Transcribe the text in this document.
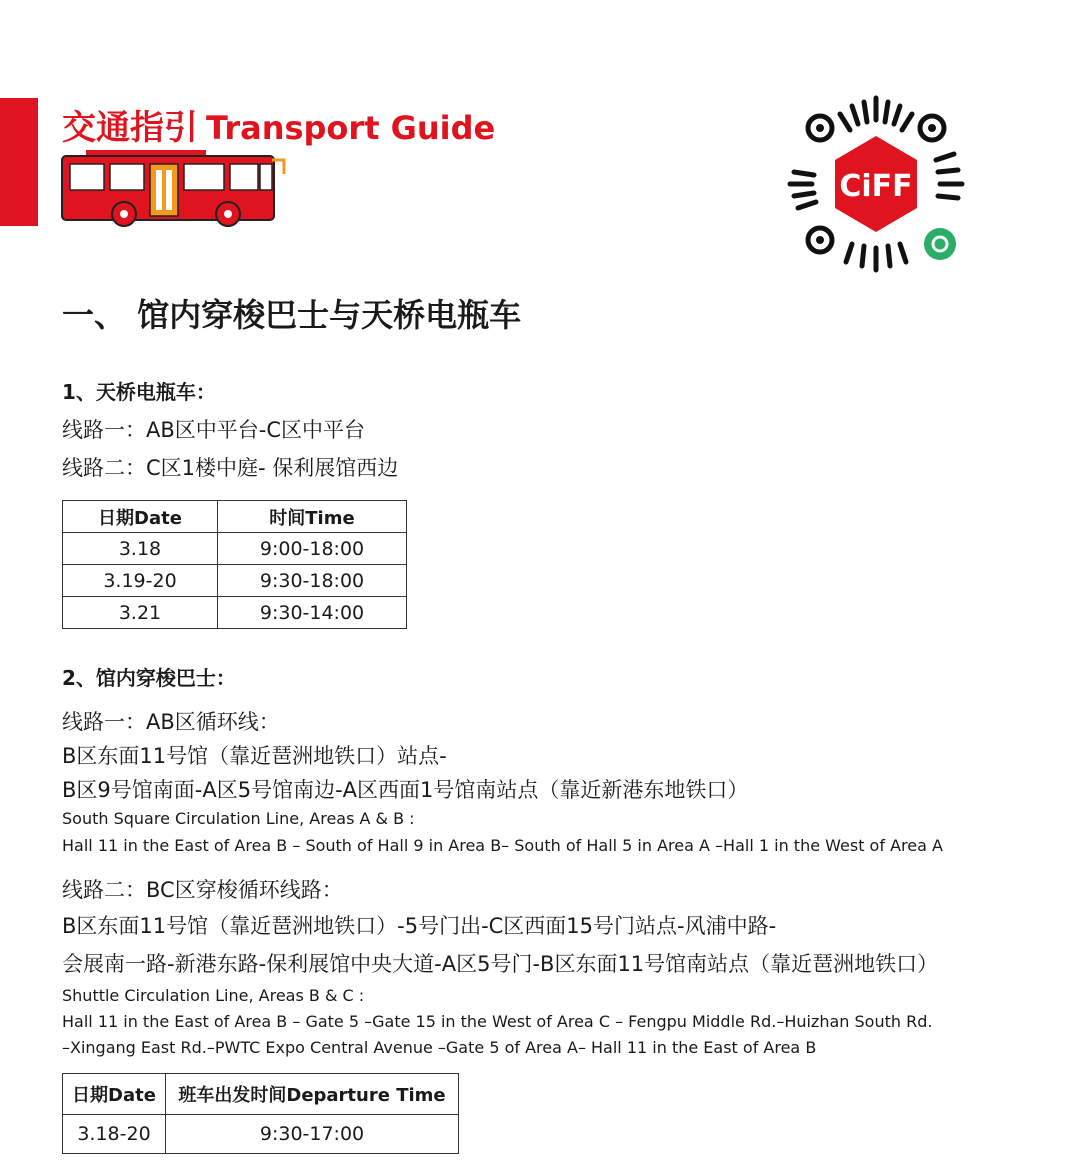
交通指引 Transport Guide
CiFF
一、 馆内穿梭巴士与天桥电瓶车
1、天桥电瓶车：
线路一：AB区中平台-C区中平台
线路二：C区1楼中庭- 保利展馆西边
日期Date	时间Time
3.18	9:00-18:00
3.19-20	9:30-18:00
3.21	9:30-14:00
2、馆内穿梭巴士：
线路一：AB区循环线：
B区东面11号馆（靠近琶洲地铁口）站点-
B区9号馆南面-A区5号馆南边-A区西面1号馆南站点（靠近新港东地铁口）
South Square Circulation Line, Areas A & B :
Hall 11 in the East of Area B – South of Hall 9 in Area B– South of Hall 5 in Area A –Hall 1 in the West of Area A
线路二：BC区穿梭循环线路：
B区东面11号馆（靠近琶洲地铁口）-5号门出-C区西面15号门站点-风浦中路-
会展南一路-新港东路-保利展馆中央大道-A区5号门-B区东面11号馆南站点（靠近琶洲地铁口）
Shuttle Circulation Line, Areas B & C :
Hall 11 in the East of Area B – Gate 5 –Gate 15 in the West of Area C – Fengpu Middle Rd.–Huizhan South Rd.
–Xingang East Rd.–PWTC Expo Central Avenue –Gate 5 of Area A– Hall 11 in the East of Area B
日期Date	班车出发时间Departure Time
3.18-20	9:30-17:00
